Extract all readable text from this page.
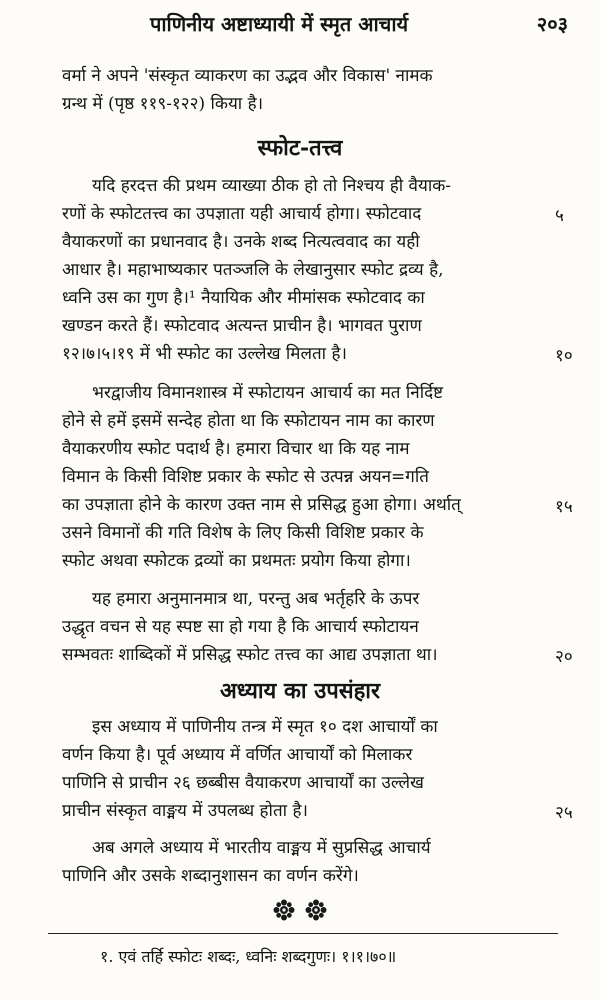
पाणिनीय अष्टाध्यायी में स्मृत आचार्य	२०३
वर्मा ने अपने 'संस्कृत व्याकरण का उद्भव और विकास' नामक
ग्रन्थ में (पृष्ठ ११९-१२२) किया है।
स्फोट-तत्त्व
यदि हरदत्त की प्रथम व्याख्या ठीक हो तो निश्चय ही वैयाक-
रणों के स्फोटतत्त्व का उपज्ञाता यही आचार्य होगा। स्फोटवाद
वैयाकरणों का प्रधानवाद है। उनके शब्द नित्यत्ववाद का यही
आधार है। महाभाष्यकार पतञ्जलि के लेखानुसार स्फोट द्रव्य है,
ध्वनि उस का गुण है।¹ नैयायिक और मीमांसक स्फोटवाद का
खण्डन करते हैं। स्फोटवाद अत्यन्त प्राचीन है। भागवत पुराण
१२।७।५।१९ में भी स्फोट का उल्लेख मिलता है।
भरद्वाजीय विमानशास्त्र में स्फोटायन आचार्य का मत निर्दिष्ट
होने से हमें इसमें सन्देह होता था कि स्फोटायन नाम का कारण
वैयाकरणीय स्फोट पदार्थ है। हमारा विचार था कि यह नाम
विमान के किसी विशिष्ट प्रकार के स्फोट से उत्पन्न अयन=गति
का उपज्ञाता होने के कारण उक्त नाम से प्रसिद्ध हुआ होगा। अर्थात्
उसने विमानों की गति विशेष के लिए किसी विशिष्ट प्रकार के
स्फोट अथवा स्फोटक द्रव्यों का प्रथमतः प्रयोग किया होगा।
यह हमारा अनुमानमात्र था, परन्तु अब भर्तृहरि के ऊपर
उद्धृत वचन से यह स्पष्ट सा हो गया है कि आचार्य स्फोटायन
सम्भवतः शाब्दिकों में प्रसिद्ध स्फोट तत्त्व का आद्य उपज्ञाता था।
अध्याय का उपसंहार
इस अध्याय में पाणिनीय तन्त्र में स्मृत १० दश आचार्यों का
वर्णन किया है। पूर्व अध्याय में वर्णित आचार्यों को मिलाकर
पाणिनि से प्राचीन २६ छब्बीस वैयाकरण आचार्यों का उल्लेख
प्राचीन संस्कृत वाङ्मय में उपलब्ध होता है।
अब अगले अध्याय में भारतीय वाङ्मय में सुप्रसिद्ध आचार्य
पाणिनि और उसके शब्दानुशासन का वर्णन करेंगे।
५
१०
१५
२०
२५
१. एवं तर्हि स्फोटः शब्दः, ध्वनिः शब्दगुणः। १।१।७०॥
